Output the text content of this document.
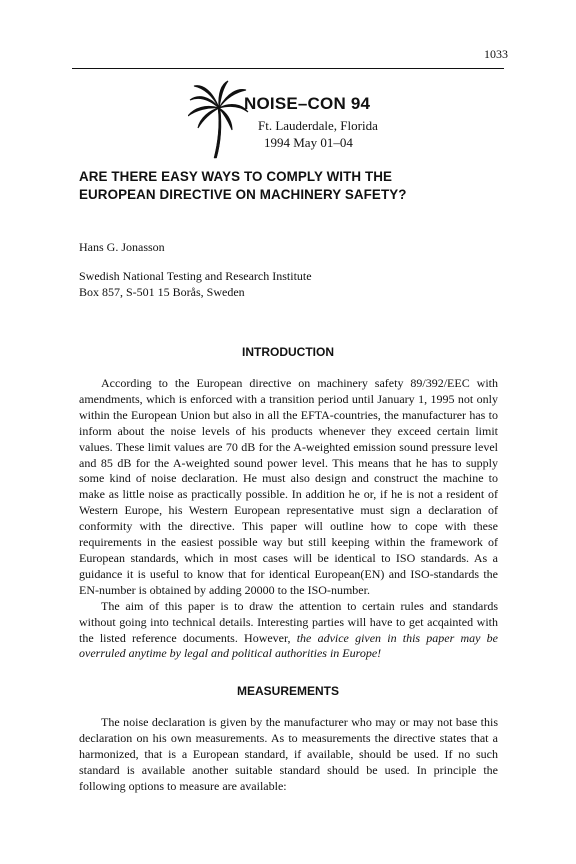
1033
NOISE–CON 94
Ft. Lauderdale, Florida
1994 May 01–04
ARE THERE EASY WAYS TO COMPLY WITH THE
EUROPEAN DIRECTIVE ON MACHINERY SAFETY?
Hans G. Jonasson
Swedish National Testing and Research Institute
Box 857, S-501 15 Borås, Sweden
INTRODUCTION

According to the European directive on machinery safety 89/392/EEC with amendments, which is enforced with a transition period until January 1, 1995 not only within the European Union but also in all the EFTA-countries, the manufacturer has to inform about the noise levels of his products whenever they exceed certain limit values. These limit values are 70 dB for the A-weighted emission sound pressure level and 85 dB for the A-weighted sound power level. This means that he has to supply some kind of noise declaration. He must also design and construct the machine to make as little noise as practically possible. In addition he or, if he is not a resident of Western Europe, his Western European representative must sign a declaration of conformity with the directive. This paper will outline how to cope with these requirements in the easiest possible way but still keeping within the framework of European standards, which in most cases will be identical to ISO standards. As a guidance it is useful to know that for identical European(EN) and ISO-standards the EN-number is obtained by adding 20000 to the ISO-number.

The aim of this paper is to draw the attention to certain rules and standards without going into technical details. Interesting parties will have to get acqainted with the listed reference documents. However, the advice given in this paper may be overruled anytime by legal and political authorities in Europe!

MEASUREMENTS

The noise declaration is given by the manufacturer who may or may not base this declaration on his own measurements. As to measurements the directive states that a harmonized, that is a European standard, if available, should be used. If no such standard is available another suitable standard should be used. In principle the following options to measure are available:
